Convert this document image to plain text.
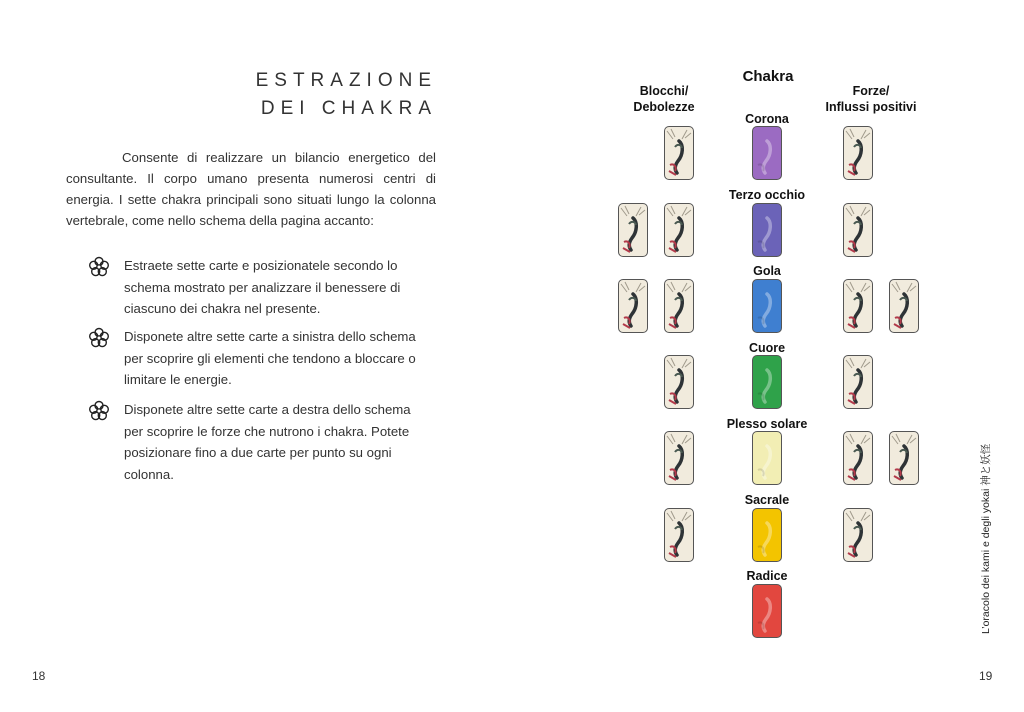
ESTRAZIONE
DEI CHAKRA

Consente di realizzare un bilancio energetico del consultante. Il corpo umano presenta numerosi centri di energia. I sette chakra principali sono situati lungo la colonna vertebrale, come nello schema della pagina accanto:

Estraete sette carte e posizionatele secondo lo schema mostrato per analizzare il benessere di ciascuno dei chakra nel presente.
Disponete altre sette carte a sinistra dello schema per scoprire gli elementi che tendono a bloccare o limitare le energie.
Disponete altre sette carte a destra dello schema per scoprire le forze che nutrono i chakra. Potete posizionare fino a due carte per punto su ogni colonna.
18	19
Chakra
Blocchi/
Debolezze
Forze/
Influssi positivi
Corona
Terzo occhio
Gola
Cuore
Plesso solare
Sacrale
Radice	L’oracolo dei kami e degli yokai 神と妖怪
